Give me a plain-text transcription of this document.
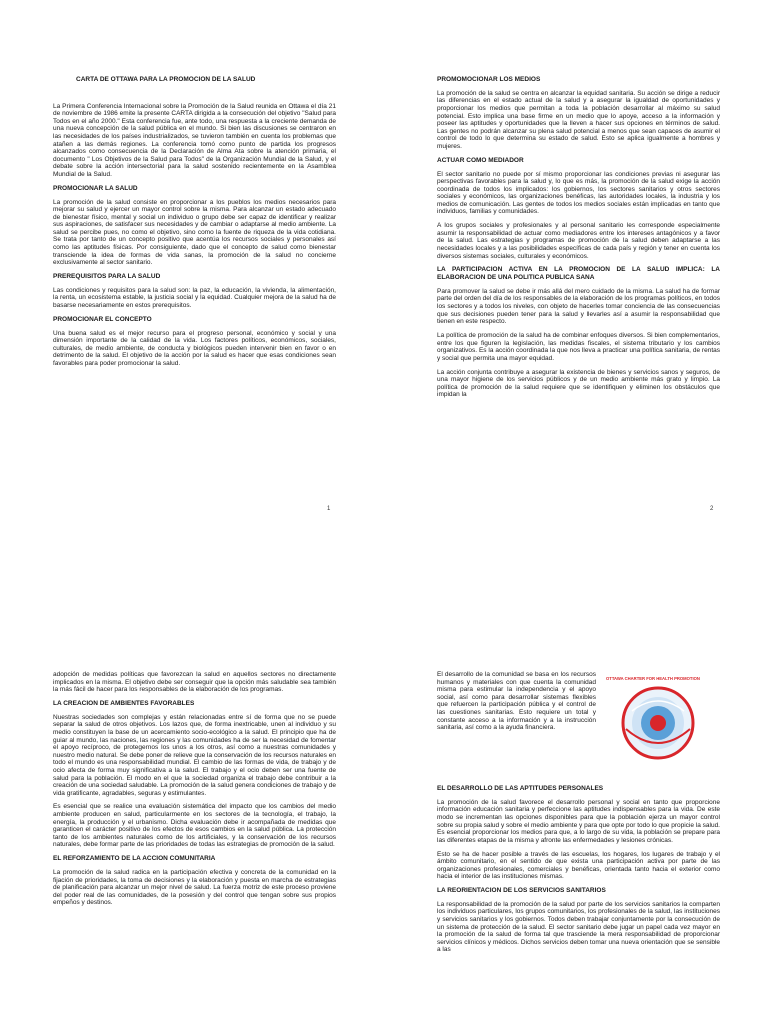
CARTA DE OTTAWA PARA LA PROMOCION DE LA SALUD

La Primera Conferencia Internacional sobre la Promoción de la Salud reunida en Ottawa el día 21 de noviembre de 1986 emite la presente CARTA dirigida a la consecución del objetivo "Salud para Todos en el año 2000." Esta conferencia fue, ante todo, una respuesta a la creciente demanda de una nueva concepción de la salud pública en el mundo. Si bien las discusiones se centraron en las necesidades de los países industrializados, se tuvieron también en cuenta los problemas que atañen a las demás regiones. La conferencia tomó como punto de partida los progresos alcanzados como consecuencia de la Declaración de Alma Ata sobre la atención primaria, el documento " Los Objetivos de la Salud para Todos" de la Organización Mundial de la Salud, y el debate sobre la acción intersectorial para la salud sostenido recientemente en la Asamblea Mundial de la Salud.

PROMOCIONAR LA SALUD

La promoción de la salud consiste en proporcionar a los pueblos los medios necesarios para mejorar su salud y ejercer un mayor control sobre la misma. Para alcanzar un estado adecuado de bienestar físico, mental y social un individuo o grupo debe ser capaz de identificar y realizar sus aspiraciones, de satisfacer sus necesidades y de cambiar o adaptarse al medio ambiente. La salud se percibe pues, no como el objetivo, sino como la fuente de riqueza de la vida cotidiana. Se trata por tanto de un concepto positivo que acentúa los recursos sociales y personales así como las aptitudes físicas. Por consiguiente, dado que el concepto de salud como bienestar transciende la idea de formas de vida sanas, la promoción de la salud no concierne exclusivamente al sector sanitario.

PREREQUISITOS PARA LA SALUD

Las condiciones y requisitos para la salud son: la paz, la educación, la vivienda, la alimentación, la renta, un ecosistema estable, la justicia social y la equidad. Cualquier mejora de la salud ha de basarse necesariamente en estos prerequisitos.

PROMOCIONAR EL CONCEPTO

Una buena salud es el mejor recurso para el progreso personal, económico y social y una dimensión importante de la calidad de la vida. Los factores políticos, económicos, sociales, culturales, de medio ambiente, de conducta y biológicos pueden intervenir bien en favor o en detrimento de la salud. El objetivo de la acción por la salud es hacer que esas condiciones sean favorables para poder promocionar la salud.

1
PROMOMOCIONAR LOS MEDIOS

La promoción de la salud se centra en alcanzar la equidad sanitaria. Su acción se dirige a reducir las diferencias en el estado actual de la salud y a asegurar la igualdad de oportunidades y proporcionar los medios que permitan a toda la población desarrollar al máximo su salud potencial. Esto implica una base firme en un medio que lo apoye, acceso a la información y poseer las aptitudes y oportunidades que la lleven a hacer sus opciones en términos de salud. Las gentes no podrán alcanzar su plena salud potencial a menos que sean capaces de asumir el control de todo lo que determina su estado de salud. Esto se aplica igualmente a hombres y mujeres.

ACTUAR COMO MEDIADOR

El sector sanitario no puede por sí mismo proporcionar las condiciones previas ni asegurar las perspectivas favorables para la salud y, lo que es más, la promoción de la salud exige la acción coordinada de todos los implicados: los gobiernos, los sectores sanitarios y otros sectores sociales y económicos, las organizaciones benéficas, las autoridades locales, la industria y los medios de comunicación. Las gentes de todos los medios sociales están implicadas en tanto que individuos, familias y comunidades.

A los grupos sociales y profesionales y al personal sanitario les corresponde especialmente asumir la responsabilidad de actuar como mediadores entre los intereses antagónicos y a favor de la salud. Las estrategias y programas de promoción de la salud deben adaptarse a las necesidades locales y a las posibilidades específicas de cada país y región y tener en cuenta los diversos sistemas sociales, culturales y económicos.

LA PARTICIPACION ACTIVA EN LA PROMOCION DE LA SALUD IMPLICA: LA ELABORACION DE UNA POLITICA PUBLICA SANA

Para promover la salud se debe ir más allá del mero cuidado de la misma. La salud ha de formar parte del orden del día de los responsables de la elaboración de los programas políticos, en todos los sectores y a todos los niveles, con objeto de hacerles tomar conciencia de las consecuencias que sus decisiones pueden tener para la salud y llevarles así a asumir la responsabilidad que tienen en este respecto.

La política de promoción de la salud ha de combinar enfoques diversos. Si bien complementarios, entre los que figuren la legislación, las medidas fiscales, el sistema tributario y los cambios organizativos. Es la acción coordinada la que nos lleva a practicar una política sanitaria, de rentas y social que permita una mayor equidad.

La acción conjunta contribuye a asegurar la existencia de bienes y servicios sanos y seguros, de una mayor higiene de los servicios públicos y de un medio ambiente más grato y limpio. La política de promoción de la salud requiere que se identifiquen y eliminen los obstáculos que impidan la

2

adopción de medidas políticas que favorezcan la salud en aquellos sectores no directamente implicados en la misma. El objetivo debe ser conseguir que la opción más saludable sea también la más fácil de hacer para los responsables de la elaboración de los programas.

LA CREACION DE AMBIENTES FAVORABLES

Nuestras sociedades son complejas y están relacionadas entre sí de forma que no se puede separar la salud de otros objetivos. Los lazos que, de forma inextricable, unen al individuo y su medio constituyen la base de un acercamiento socio-ecológico a la salud. El principio que ha de guiar al mundo, las naciones, las regiones y las comunidades ha de ser la necesidad de fomentar el apoyo recíproco, de protegernos los unos a los otros, así como a nuestras comunidades y nuestro medio natural. Se debe poner de relieve que la conservación de los recursos naturales en todo el mundo es una responsabilidad mundial. El cambio de las formas de vida, de trabajo y de ocio afecta de forma muy significativa a la salud. El trabajo y el ocio deben ser una fuente de salud para la población. El modo en el que la sociedad organiza el trabajo debe contribuir a la creación de una sociedad saludable. La promoción de la salud genera condiciones de trabajo y de vida gratificante, agradables, seguras y estimulantes.

Es esencial que se realice una evaluación sistemática del impacto que los cambios del medio ambiente producen en salud, particularmente en los sectores de la tecnología, el trabajo, la energía, la producción y el urbanismo. Dicha evaluación debe ir acompañada de medidas que garanticen el carácter positivo de los efectos de esos cambios en la salud pública. La protección tanto de los ambientes naturales como de los artificiales, y la conservación de los recursos naturales, debe formar parte de las prioridades de todas las estrategias de promoción de la salud.

EL REFORZAMIENTO DE LA ACCION COMUNITARIA

La promoción de la salud radica en la participación efectiva y concreta de la comunidad en la fijación de prioridades, la toma de decisiones y la elaboración y puesta en marcha de estrategias de planificación para alcanzar un mejor nivel de salud. La fuerza motriz de este proceso proviene del poder real de las comunidades, de la posesión y del control que tengan sobre sus propios empeños y destinos.

OTTAWA CHARTER FOR HEALTH PROMOTION

El desarrollo de la comunidad se basa en los recursos humanos y materiales con que cuenta la comunidad misma para estimular la independencia y el apoyo social, así como para desarrollar sistemas flexibles que refuercen la participación pública y el control de las cuestiones sanitarias. Esto requiere un total y constante acceso a la información y a la instrucción sanitaria, así como a la ayuda financiera.

EL DESARROLLO DE LAS APTITUDES PERSONALES

La promoción de la salud favorece el desarrollo personal y social en tanto que proporcione información educación sanitaria y perfeccione las aptitudes indispensables para la vida. De este modo se incrementan las opciones disponibles para que la población ejerza un mayor control sobre su propia salud y sobre el medio ambiente y para que opte por todo lo que propicie la salud. Es esencial proporcionar los medios para que, a lo largo de su vida, la población se prepare para las diferentes etapas de la misma y afronte las enfermedades y lesiones crónicas.

Esto se ha de hacer posible a través de las escuelas, los hogares, los lugares de trabajo y el ámbito comunitario, en el sentido de que exista una participación activa por parte de las organizaciones profesionales, comerciales y benéficas, orientada tanto hacia el exterior como hacia el interior de las instituciones mismas.

LA REORIENTACION DE LOS SERVICIOS SANITARIOS

La responsabilidad de la promoción de la salud por parte de los servicios sanitarios la comparten los individuos particulares, los grupos comunitarios, los profesionales de la salud, las instituciones y servicios sanitarios y los gobiernos. Todos deben trabajar conjuntamente por la consecución de un sistema de protección de la salud. El sector sanitario debe jugar un papel cada vez mayor en la promoción de la salud de forma tal que trasciende la mera responsabilidad de proporcionar servicios clínicos y médicos. Dichos servicios deben tomar una nueva orientación que se sensible a las
